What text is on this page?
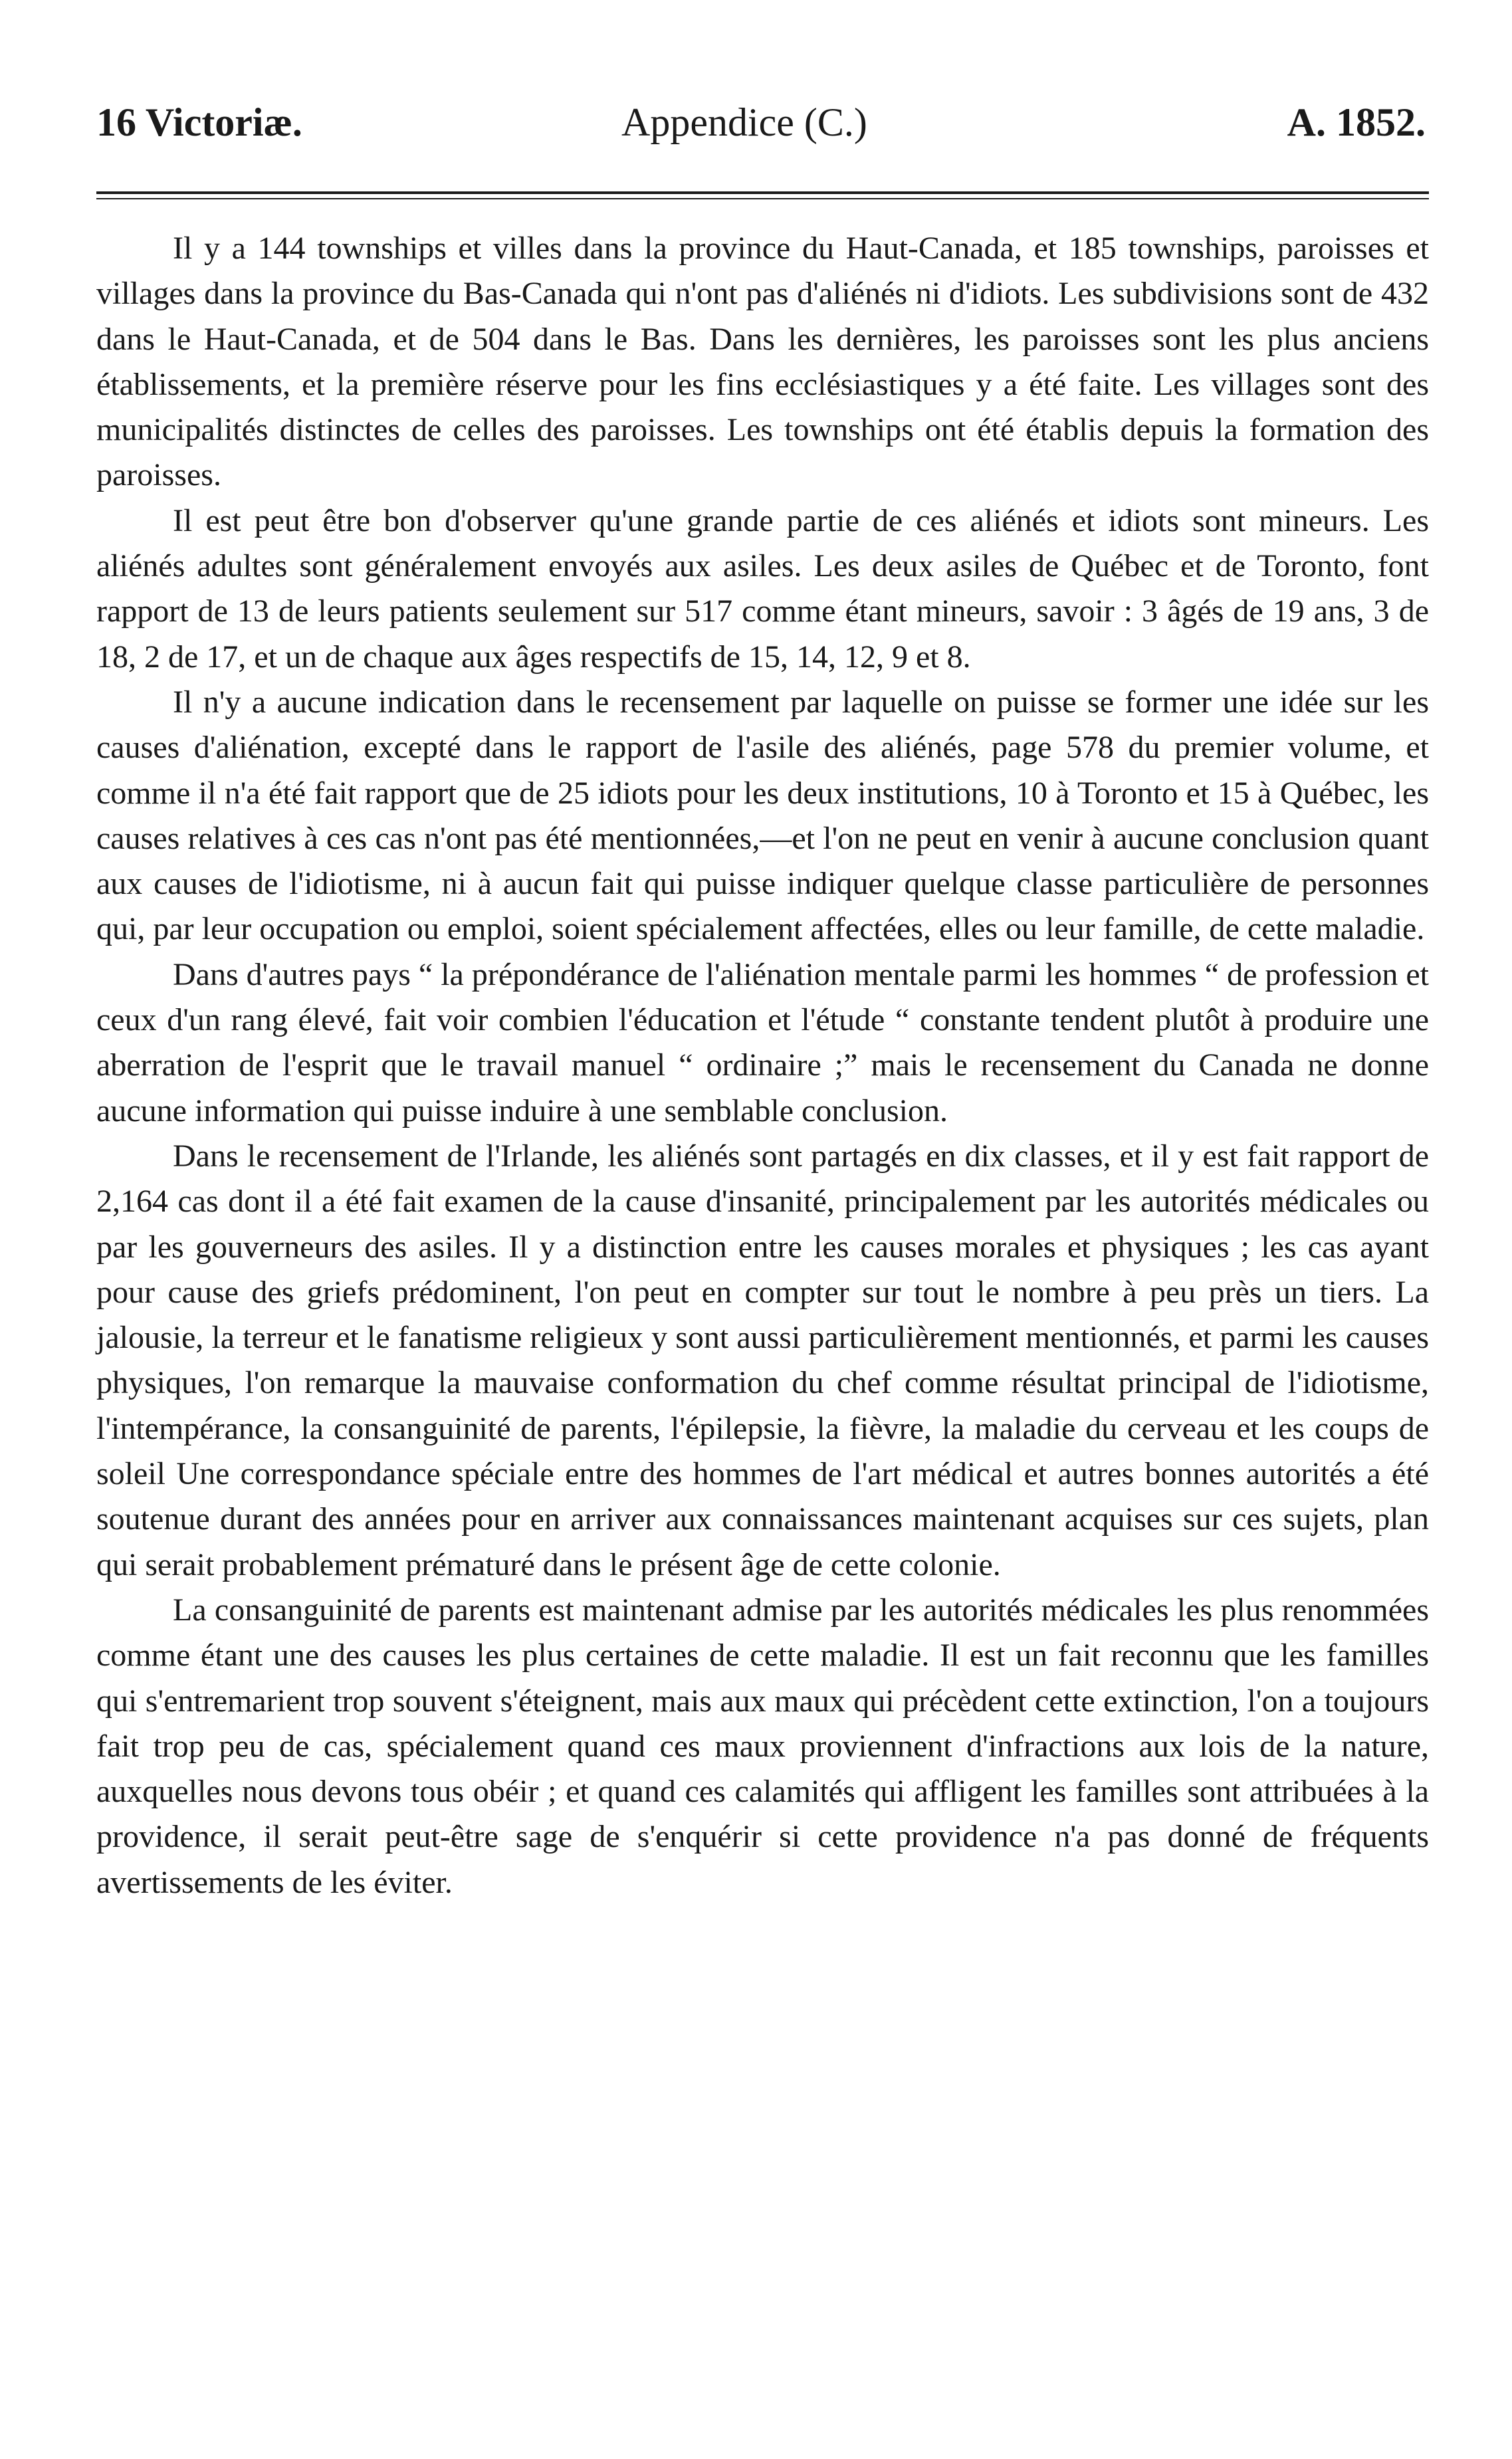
16 Victoriæ.	Appendice (C.)	A. 1852.

Il y a 144 townships et villes dans la province du Haut-Canada, et 185 townships, paroisses et villages dans la province du Bas-Canada qui n'ont pas d'aliénés ni d'idiots. Les subdivisions sont de 432 dans le Haut-Canada, et de 504 dans le Bas. Dans les dernières, les paroisses sont les plus anciens établissements, et la première réserve pour les fins ecclésiastiques y a été faite. Les villages sont des municipalités distinctes de celles des paroisses. Les townships ont été établis depuis la formation des paroisses.

Il est peut être bon d'observer qu'une grande partie de ces aliénés et idiots sont mineurs. Les aliénés adultes sont généralement envoyés aux asiles. Les deux asiles de Québec et de Toronto, font rapport de 13 de leurs patients seulement sur 517 comme étant mineurs, savoir : 3 âgés de 19 ans, 3 de 18, 2 de 17, et un de chaque aux âges respectifs de 15, 14, 12, 9 et 8.

Il n'y a aucune indication dans le recensement par laquelle on puisse se former une idée sur les causes d'aliénation, excepté dans le rapport de l'asile des aliénés, page 578 du premier volume, et comme il n'a été fait rapport que de 25 idiots pour les deux institutions, 10 à Toronto et 15 à Québec, les causes relatives à ces cas n'ont pas été mentionnées,—et l'on ne peut en venir à aucune conclusion quant aux causes de l'idiotisme, ni à aucun fait qui puisse indiquer quelque classe particulière de personnes qui, par leur occupation ou emploi, soient spécialement affectées, elles ou leur famille, de cette maladie.

Dans d'autres pays “ la prépondérance de l'aliénation mentale parmi les hommes “ de profession et ceux d'un rang élevé, fait voir combien l'éducation et l'étude “ constante tendent plutôt à produire une aberration de l'esprit que le travail manuel “ ordinaire ;” mais le recensement du Canada ne donne aucune information qui puisse induire à une semblable conclusion.

Dans le recensement de l'Irlande, les aliénés sont partagés en dix classes, et il y est fait rapport de 2,164 cas dont il a été fait examen de la cause d'insanité, principalement par les autorités médicales ou par les gouverneurs des asiles. Il y a distinction entre les causes morales et physiques ; les cas ayant pour cause des griefs prédominent, l'on peut en compter sur tout le nombre à peu près un tiers. La jalousie, la terreur et le fanatisme religieux y sont aussi particulièrement mentionnés, et parmi les causes physiques, l'on remarque la mauvaise conformation du chef comme résultat principal de l'idiotisme, l'intempérance, la consanguinité de parents, l'épilepsie, la fièvre, la maladie du cerveau et les coups de soleil Une correspondance spéciale entre des hommes de l'art médical et autres bonnes autorités a été soutenue durant des années pour en arriver aux connaissances maintenant acquises sur ces sujets, plan qui serait probablement prématuré dans le présent âge de cette colonie.

La consanguinité de parents est maintenant admise par les autorités médicales les plus renommées comme étant une des causes les plus certaines de cette maladie. Il est un fait reconnu que les familles qui s'entremarient trop souvent s'éteignent, mais aux maux qui précèdent cette extinction, l'on a toujours fait trop peu de cas, spécialement quand ces maux proviennent d'infractions aux lois de la nature, auxquelles nous devons tous obéir ; et quand ces calamités qui affligent les familles sont attribuées à la providence, il serait peut-être sage de s'enquérir si cette providence n'a pas donné de fréquents avertissements de les éviter.
